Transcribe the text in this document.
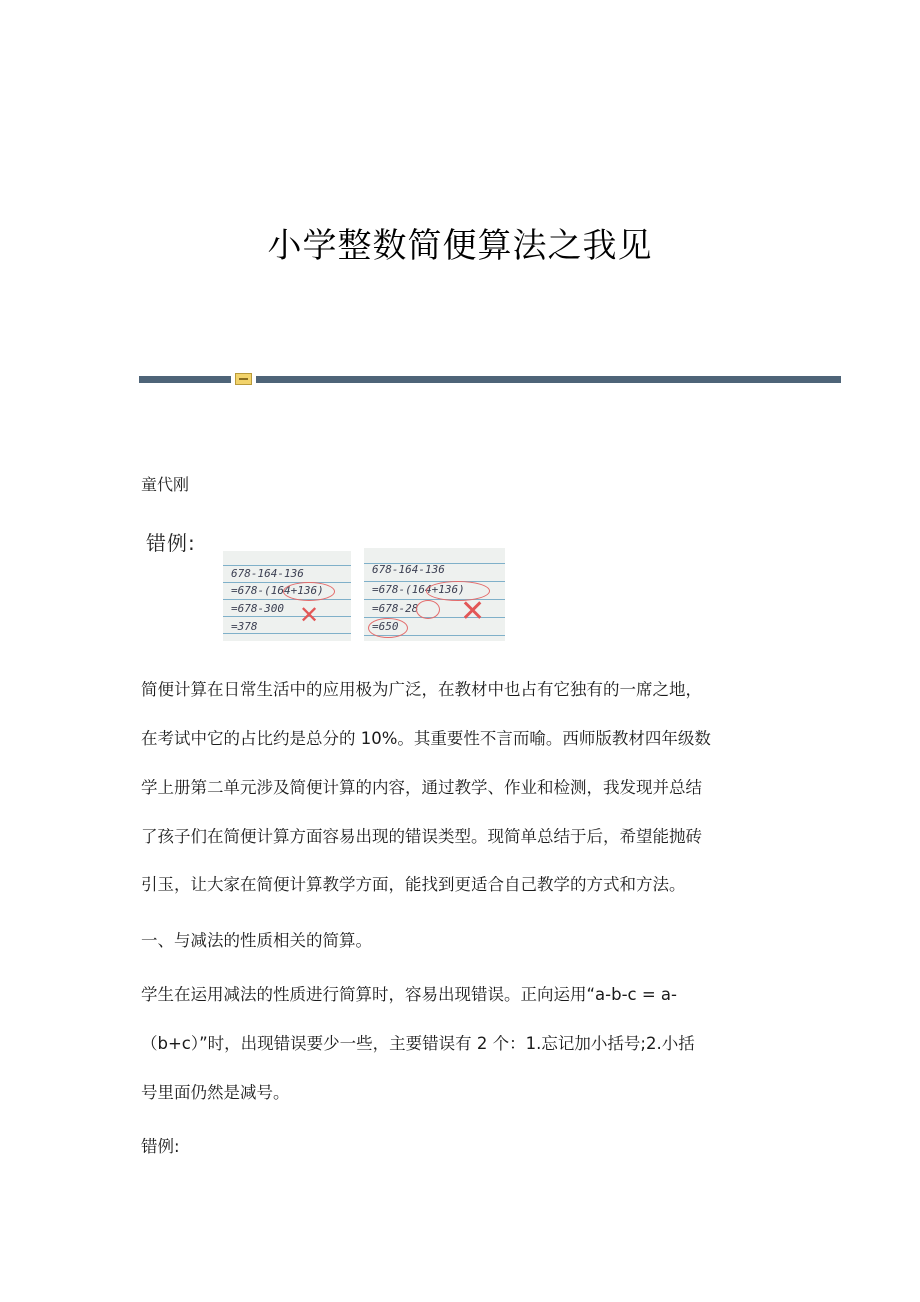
小学整数简便算法之我见
童代刚
错例:
678-164-136
=678-(164+136)
=678-300
=378 ✕
678-164-136
=678-(164+136)
=678-28
=650 ✕
简便计算在日常生活中的应用极为广泛，在教材中也占有它独有的一席之地，
在考试中它的占比约是总分的 10%。其重要性不言而喻。西师版教材四年级数
学上册第二单元涉及简便计算的内容，通过教学、作业和检测，我发现并总结
了孩子们在简便计算方面容易出现的错误类型。现简单总结于后，希望能抛砖
引玉，让大家在简便计算教学方面，能找到更适合自己教学的方式和方法。
一、与减法的性质相关的简算。
学生在运用减法的性质进行简算时，容易出现错误。正向运用“a-b-c = a-
（b+c）”时，出现错误要少一些，主要错误有 2 个：1.忘记加小括号;2.小括
号里面仍然是减号。
错例:
